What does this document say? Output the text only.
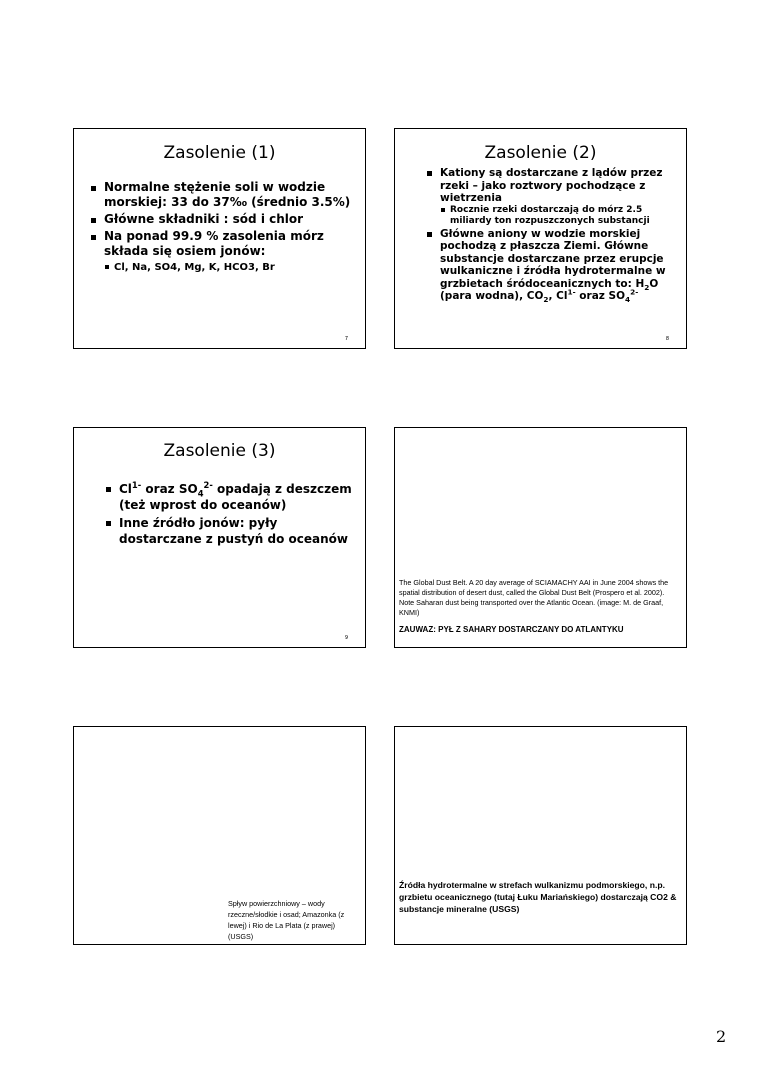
Zasolenie (1)
Normalne stężenie soli w wodzie morskiej: 33 do 37‰ (średnio 3.5%)
Główne składniki : sód i chlor
Na ponad 99.9 % zasolenia mórz składa się osiem jonów:
Cl, Na, SO4, Mg, K, HCO3, Br
7
Zasolenie (2)
Kationy są dostarczane z lądów przez rzeki – jako roztwory pochodzące z wietrzenia
Rocznie rzeki dostarczają do mórz 2.5 miliardy ton rozpuszczonych substancji
Główne aniony w wodzie morskiej pochodzą z płaszcza Ziemi. Główne substancje dostarczane przez erupcje wulkaniczne i źródła hydrotermalne w grzbietach śródoceanicznych to: $H_2O$ (para wodna), $CO_2$, $Cl^{1-}$ oraz $SO_4^{2-}$
8
Zasolenie (3)
$Cl^{1-}$ oraz $SO_4^{2-}$ opadają z deszczem (też wprost do oceanów)
Inne źródło jonów: pyły dostarczane z pustyń do oceanów
9
The Global Dust Belt. A 20 day average of SCIAMACHY AAI in June 2004 shows the spatial distribution of desert dust, called the Global Dust Belt (Prospero et al. 2002). Note Saharan dust being transported over the Atlantic Ocean. (image: M. de Graaf, KNMI)
ZAUWAZ: PYŁ Z SAHARY DOSTARCZANY DO ATLANTYKU
Spływ powierzchniowy – wody rzeczne/słodkie i osad; Amazonka (z lewej) i Rio de La Plata (z prawej) (USGS)
Źródła hydrotermalne w strefach wulkanizmu podmorskiego, n.p. grzbietu oceanicznego (tutaj Łuku Mariańskiego) dostarczają CO2 & substancje mineralne (USGS)
2
